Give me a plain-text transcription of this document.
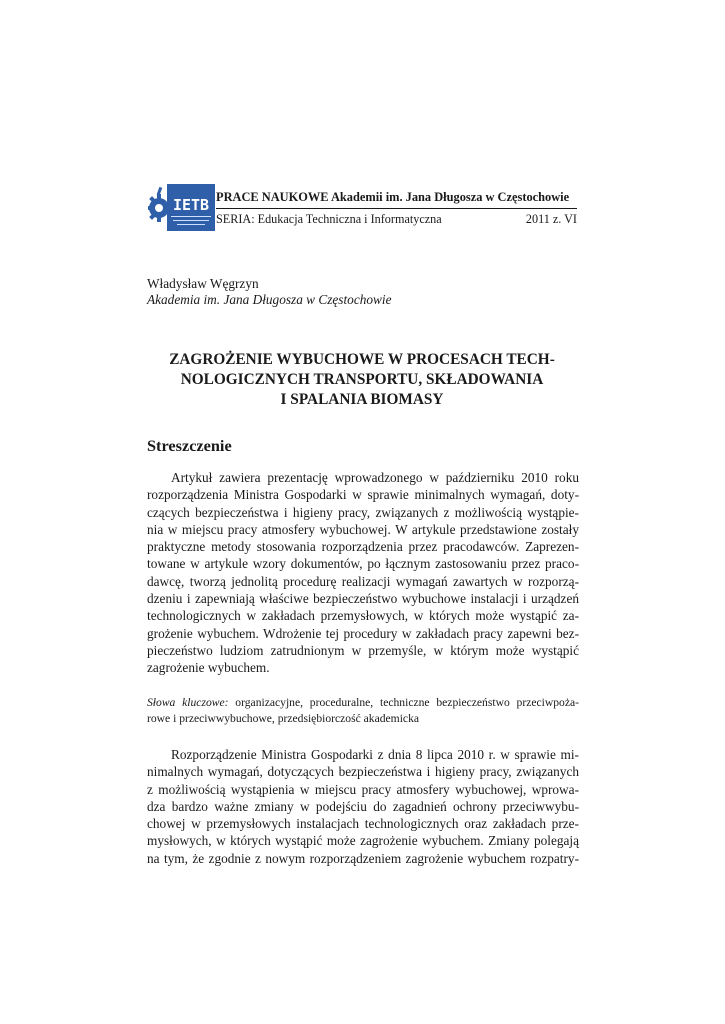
IETB PRACE NAUKOWE Akademii im. Jana Długosza w Częstochowie
SERIA: Edukacja Techniczna i Informatyczna	2011 z. VI
Władysław Węgrzyn
Akademia im. Jana Długosza w Częstochowie
ZAGROŻENIE WYBUCHOWE W PROCESACH TECH-
NOLOGICZNYCH TRANSPORTU, SKŁADOWANIA
I SPALANIA BIOMASY
Streszczenie
Artykuł zawiera prezentację wprowadzonego w październiku 2010 roku
rozporządzenia Ministra Gospodarki w sprawie minimalnych wymagań, doty-
czących bezpieczeństwa i higieny pracy, związanych z możliwością wystąpie-
nia w miejscu pracy atmosfery wybuchowej. W artykule przedstawione zostały
praktyczne metody stosowania rozporządzenia przez pracodawców. Zaprezen-
towane w artykule wzory dokumentów, po łącznym zastosowaniu przez praco-
dawcę, tworzą jednolitą procedurę realizacji wymagań zawartych w rozporzą-
dzeniu i zapewniają właściwe bezpieczeństwo wybuchowe instalacji i urządzeń
technologicznych w zakładach przemysłowych, w których może wystąpić za-
grożenie wybuchem. Wdrożenie tej procedury w zakładach pracy zapewni bez-
pieczeństwo ludziom zatrudnionym w przemyśle, w którym może wystąpić
zagrożenie wybuchem.
Słowa kluczowe: organizacyjne, proceduralne, techniczne bezpieczeństwo przeciwpoża-
rowe i przeciwwybuchowe, przedsiębiorczość akademicka
Rozporządzenie Ministra Gospodarki z dnia 8 lipca 2010 r. w sprawie mi-
nimalnych wymagań, dotyczących bezpieczeństwa i higieny pracy, związanych
z możliwością wystąpienia w miejscu pracy atmosfery wybuchowej, wprowa-
dza bardzo ważne zmiany w podejściu do zagadnień ochrony przeciwwybu-
chowej w przemysłowych instalacjach technologicznych oraz zakładach prze-
mysłowych, w których wystąpić może zagrożenie wybuchem. Zmiany polegają
na tym, że zgodnie z nowym rozporządzeniem zagrożenie wybuchem rozpatry-
